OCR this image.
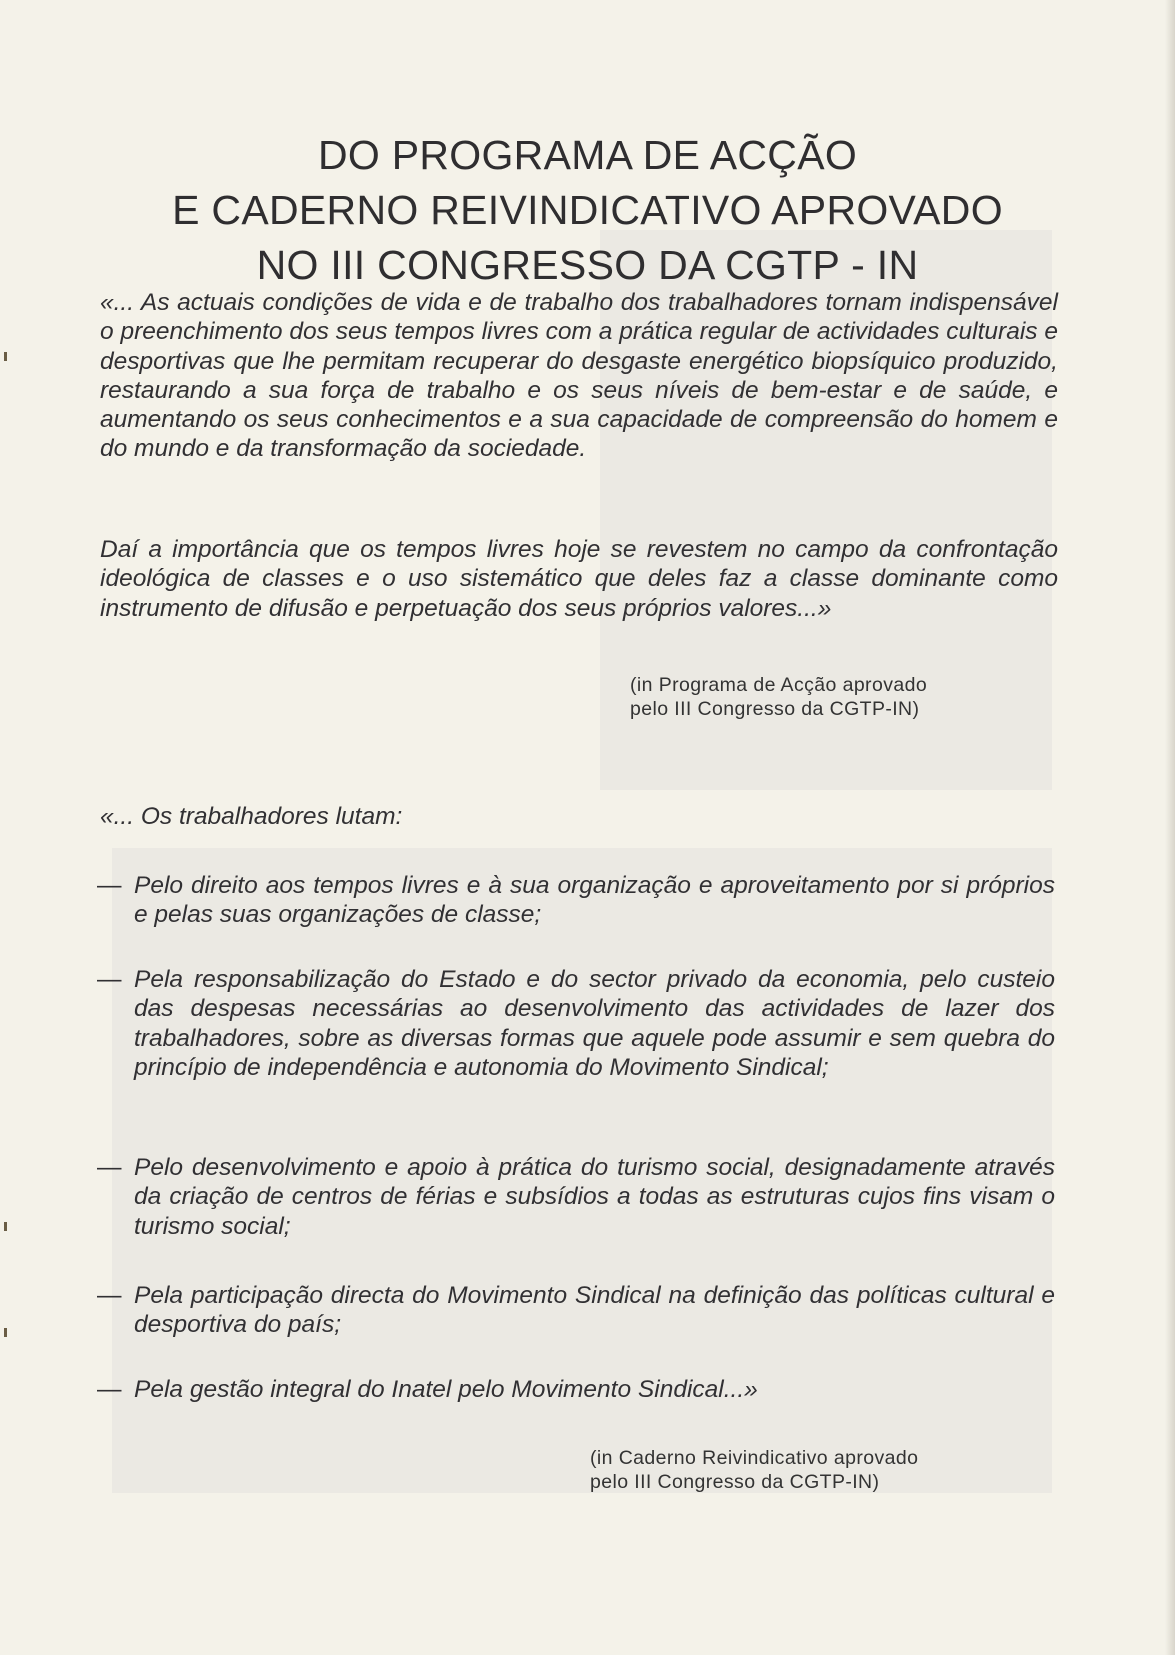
DO PROGRAMA DE ACÇÃO
E CADERNO REIVINDICATIVO APROVADO
NO III CONGRESSO DA CGTP - IN

«... As actuais condições de vida e de trabalho dos trabalhadores tornam indispensável o preenchimento dos seus tempos livres com a prática regular de actividades culturais e desportivas que lhe permitam recuperar do desgaste energético biopsíquico produzido, restaurando a sua força de trabalho e os seus níveis de bem-estar e de saúde, e aumentando os seus conhecimentos e a sua capacidade de compreensão do homem e do mundo e da transformação da sociedade.

Daí a importância que os tempos livres hoje se revestem no campo da confrontação ideológica de classes e o uso sistemático que deles faz a classe dominante como instrumento de difusão e perpetuação dos seus próprios valores...»

(in Programa de Acção aprovado
pelo III Congresso da CGTP-IN)

«... Os trabalhadores lutam:

— Pelo direito aos tempos livres e à sua organização e aproveitamento por si próprios e pelas suas organizações de classe;
— Pela responsabilização do Estado e do sector privado da economia, pelo custeio das despesas necessárias ao desenvolvimento das actividades de lazer dos trabalhadores, sobre as diversas formas que aquele pode assumir e sem quebra do princípio de independência e autonomia do Movimento Sindical;
— Pelo desenvolvimento e apoio à prática do turismo social, designadamente através da criação de centros de férias e subsídios a todas as estruturas cujos fins visam o turismo social;
— Pela participação directa do Movimento Sindical na definição das políticas cultural e desportiva do país;
— Pela gestão integral do Inatel pelo Movimento Sindical...»

(in Caderno Reivindicativo aprovado
pelo III Congresso da CGTP-IN)
